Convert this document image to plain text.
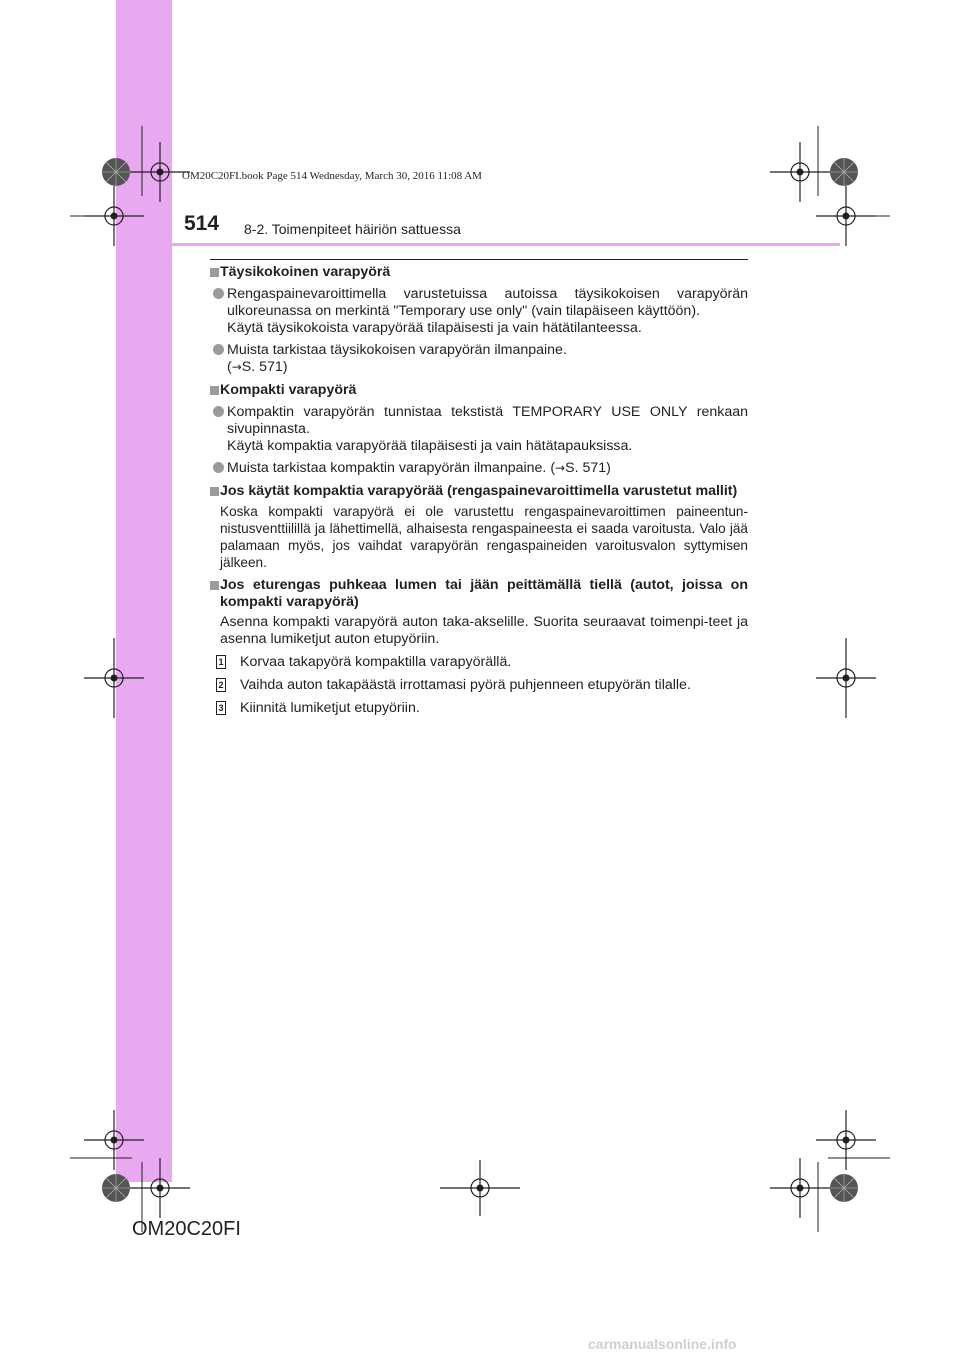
OM20C20FI.book Page 514 Wednesday, March 30, 2016 11:08 AM
514 8-2. Toimenpiteet häiriön sattuessa
Täysikokoinen varapyörä
Rengaspainevaroittimella varustetuissa autoissa täysikokoisen varapyörän ulkoreunassa on merkintä "Temporary use only" (vain tilapäiseen käyttöön).
Käytä täysikokoista varapyörää tilapäisesti ja vain hätätilanteessa.
Muista tarkistaa täysikokoisen varapyörän ilmanpaine.
(→S. 571)
Kompakti varapyörä
Kompaktin varapyörän tunnistaa tekstistä TEMPORARY USE ONLY renkaan sivupinnasta.
Käytä kompaktia varapyörää tilapäisesti ja vain hätätapauksissa.
Muista tarkistaa kompaktin varapyörän ilmanpaine. (→S. 571)
Jos käytät kompaktia varapyörää (rengaspainevaroittimella varustetut mallit)
Koska kompakti varapyörä ei ole varustettu rengaspainevaroittimen paineentun-nistusventtiilillä ja lähettimellä, alhaisesta rengaspaineesta ei saada varoitusta. Valo jää palamaan myös, jos vaihdat varapyörän rengaspaineiden varoitusvalon syttymisen jälkeen.
Jos eturengas puhkeaa lumen tai jään peittämällä tiellä (autot, joissa on kompakti varapyörä)
Asenna kompakti varapyörä auton taka-akselille. Suorita seuraavat toimenpi-teet ja asenna lumiketjut auton etupyöriin.
1 Korvaa takapyörä kompaktilla varapyörällä.
2 Vaihda auton takapäästä irrottamasi pyörä puhjenneen etupyörän tilalle.
3 Kiinnitä lumiketjut etupyöriin.
OM20C20FI
carmanualsonline.info
